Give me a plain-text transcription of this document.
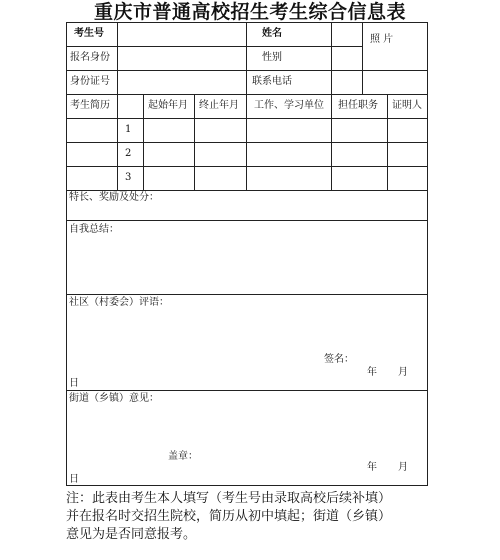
重庆市普通高校招生考生综合信息表
考生号	姓名
照 片
报名身份	性别
身份证号	联系电话
考生简历	起始年月 终止年月 工作、学习单位 担任职务 证明人
1
2
3
特长、奖励及处分：
自我总结：
社区（村委会）评语：
签名：
年 月
日
街道（乡镇）意见：
盖章：
年 月
日
注：此表由考生本人填写（考生号由录取高校后续补填）
并在报名时交招生院校，简历从初中填起；街道（乡镇）
意见为是否同意报考。
